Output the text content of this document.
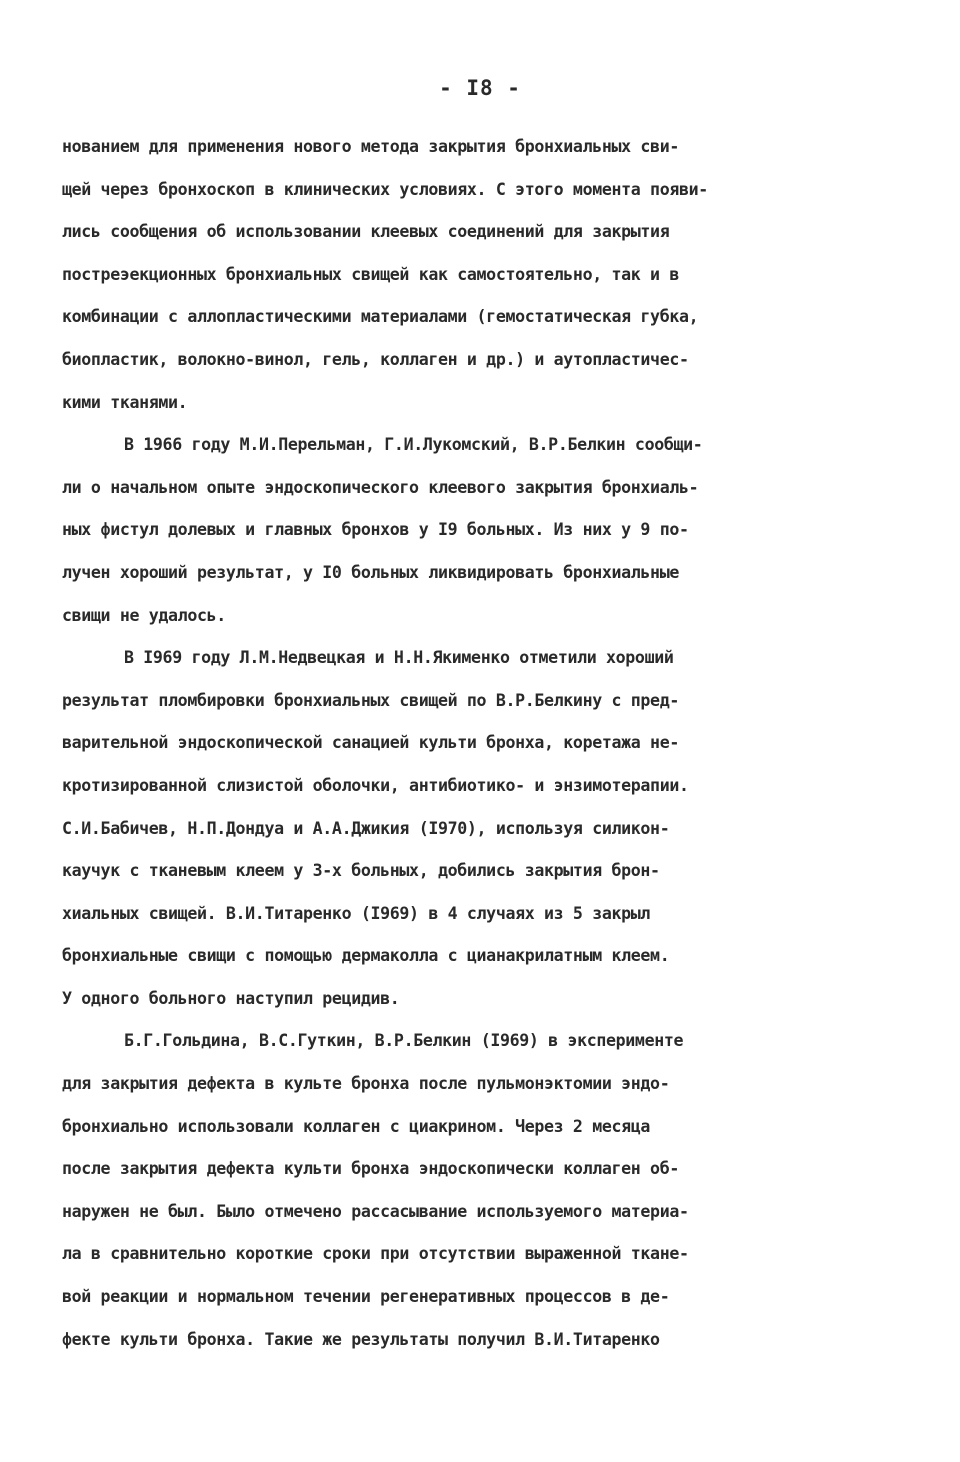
- I8 -
нованием для применения нового метода закрытия бронхиальных сви-
щей через бронхоскоп в клинических условиях. С этого момента появи-
лись сообщения об использовании клеевых соединений для закрытия
постреэекционных бронхиальных свищей как самостоятельно, так и в
комбинации с аллопластическими материалами (гемостатическая губка,
биопластик, волокно-винол, гель, коллаген и др.) и аутопластичес-
кими тканями.
В 1966 году М.И.Перельман, Г.И.Лукомский, В.Р.Белкин сообщи-
ли о начальном опыте эндоскопического клеевого закрытия бронхиаль-
ных фистул долевых и главных бронхов у I9 больных. Из них у 9 по-
лучен хороший результат, у I0 больных ликвидировать бронхиальные
свищи не удалось.
В I969 году Л.М.Недвецкая и Н.Н.Якименко отметили хороший
результат пломбировки бронхиальных свищей по В.Р.Белкину с пред-
варительной эндоскопической санацией культи бронха, коретажа не-
кротизированной слизистой оболочки, антибиотико- и энзимотерапии.
С.И.Бабичев, Н.П.Дондуа и А.А.Джикия (I970), используя силикон-
каучук с тканевым клеем у 3-х больных, добились закрытия брон-
хиальных свищей. В.И.Титаренко (I969) в 4 случаях из 5 закрыл
бронхиальные свищи с помощью дермаколла с цианакрилатным клеем.
У одного больного наступил рецидив.
Б.Г.Гольдина, В.С.Гуткин, В.Р.Белкин (I969) в эксперименте
для закрытия дефекта в культе бронха после пульмонэктомии эндо-
бронхиально использовали коллаген с циакрином. Через 2 месяца
после закрытия дефекта культи бронха эндоскопически коллаген об-
наружен не был. Было отмечено рассасывание используемого материа-
ла в сравнительно короткие сроки при отсутствии выраженной ткане-
вой реакции и нормальном течении регенеративных процессов в де-
фекте культи бронха. Такие же результаты получил В.И.Титаренко
